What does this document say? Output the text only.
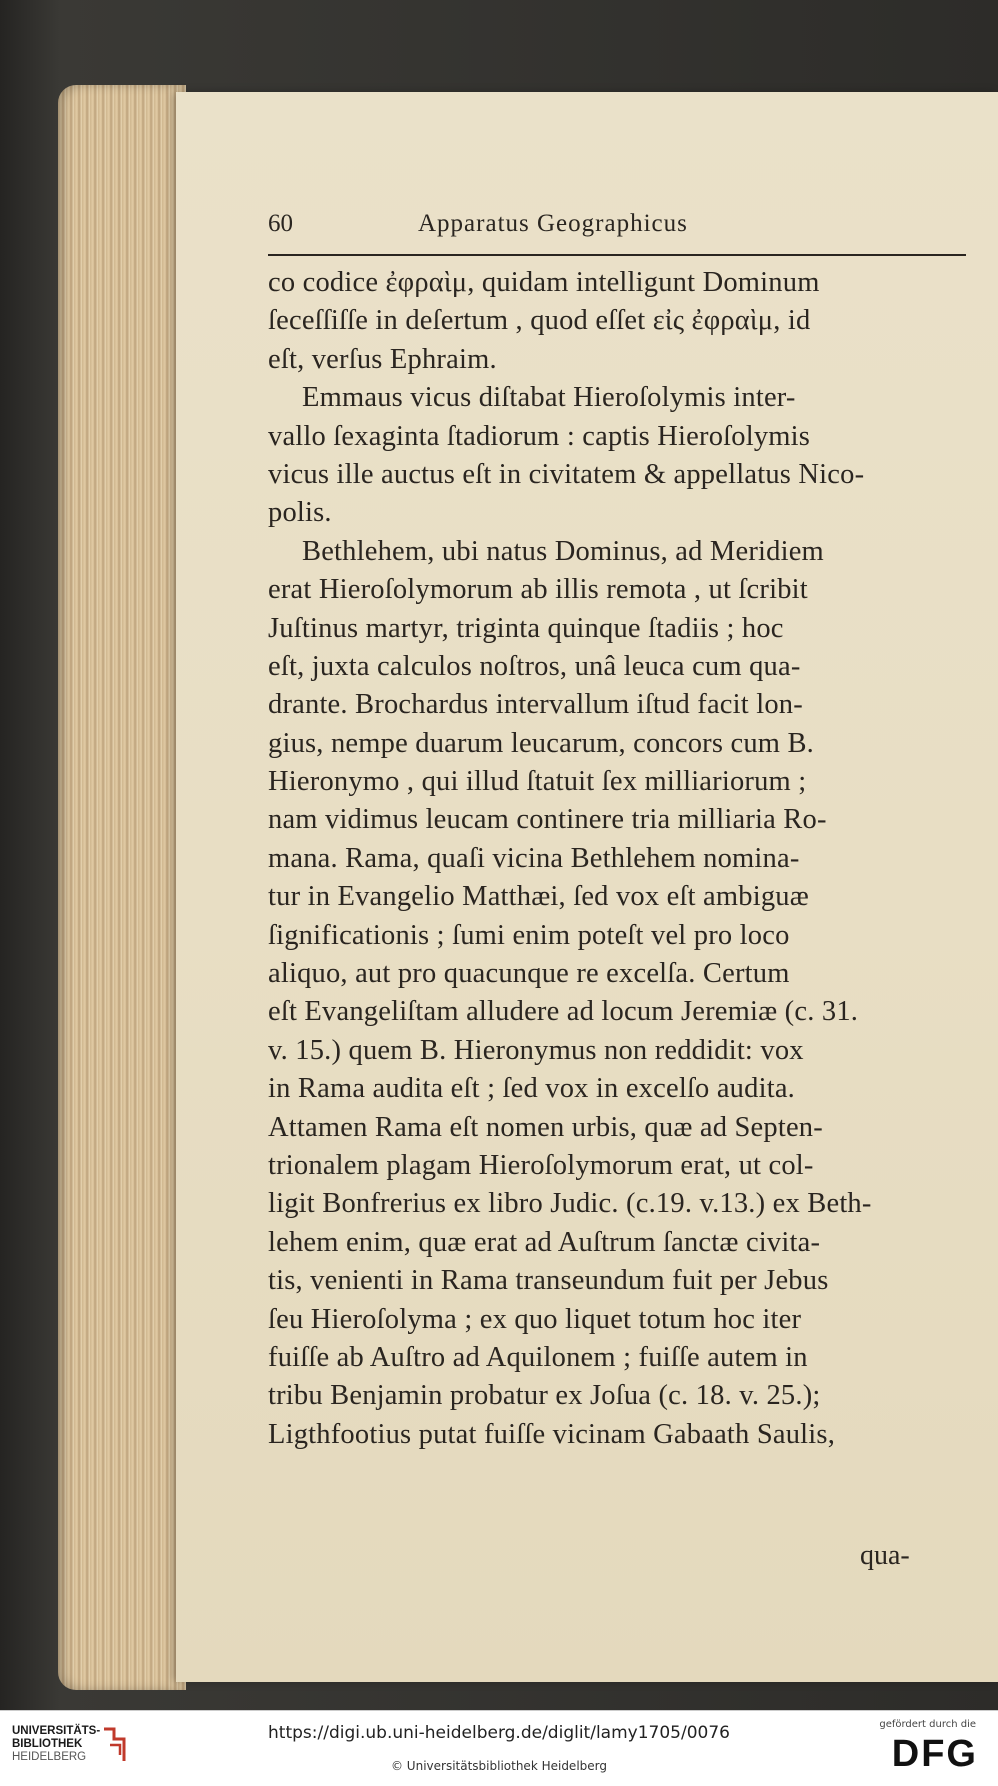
60	Apparatus Geographicus
co codice ἐφραὶμ, quidam intelligunt Dominum
ſeceſſiſſe in deſertum , quod eſſet εἰς ἐφραὶμ, id
eſt, verſus Ephraim.
Emmaus vicus diſtabat Hieroſolymis inter-
vallo ſexaginta ſtadiorum : captis Hieroſolymis
vicus ille auctus eſt in civitatem & appellatus Nico-
polis.
Bethlehem, ubi natus Dominus, ad Meridiem
erat Hieroſolymorum ab illis remota , ut ſcribit
Juſtinus martyr, triginta quinque ſtadiis ; hoc
eſt, juxta calculos noſtros, unâ leuca cum qua-
drante. Brochardus intervallum iſtud facit lon-
gius, nempe duarum leucarum, concors cum B.
Hieronymo , qui illud ſtatuit ſex milliariorum ;
nam vidimus leucam continere tria milliaria Ro-
mana. Rama, quaſi vicina Bethlehem nomina-
tur in Evangelio Matthæi, ſed vox eſt ambiguæ
ſignificationis ; ſumi enim poteſt vel pro loco
aliquo, aut pro quacunque re excelſa. Certum
eſt Evangeliſtam alludere ad locum Jeremiæ (c. 31.
v. 15.) quem B. Hieronymus non reddidit: vox
in Rama audita eſt ; ſed vox in excelſo audita.
Attamen Rama eſt nomen urbis, quæ ad Septen-
trionalem plagam Hieroſolymorum erat, ut col-
ligit Bonfrerius ex libro Judic. (c.19. v.13.) ex Beth-
lehem enim, quæ erat ad Auſtrum ſanctæ civita-
tis, venienti in Rama transeundum fuit per Jebus
ſeu Hieroſolyma ; ex quo liquet totum hoc iter
fuiſſe ab Auſtro ad Aquilonem ; fuiſſe autem in
tribu Benjamin probatur ex Joſua (c. 18. v. 25.);
Ligthfootius putat fuiſſe vicinam Gabaath Saulis,
qua-
UNIVERSITÄTS-
BIBLIOTHEK
HEIDELBERG
https://digi.ub.uni-heidelberg.de/diglit/lamy1705/0076
© Universitätsbibliothek Heidelberg
gefördert durch die
DFG
